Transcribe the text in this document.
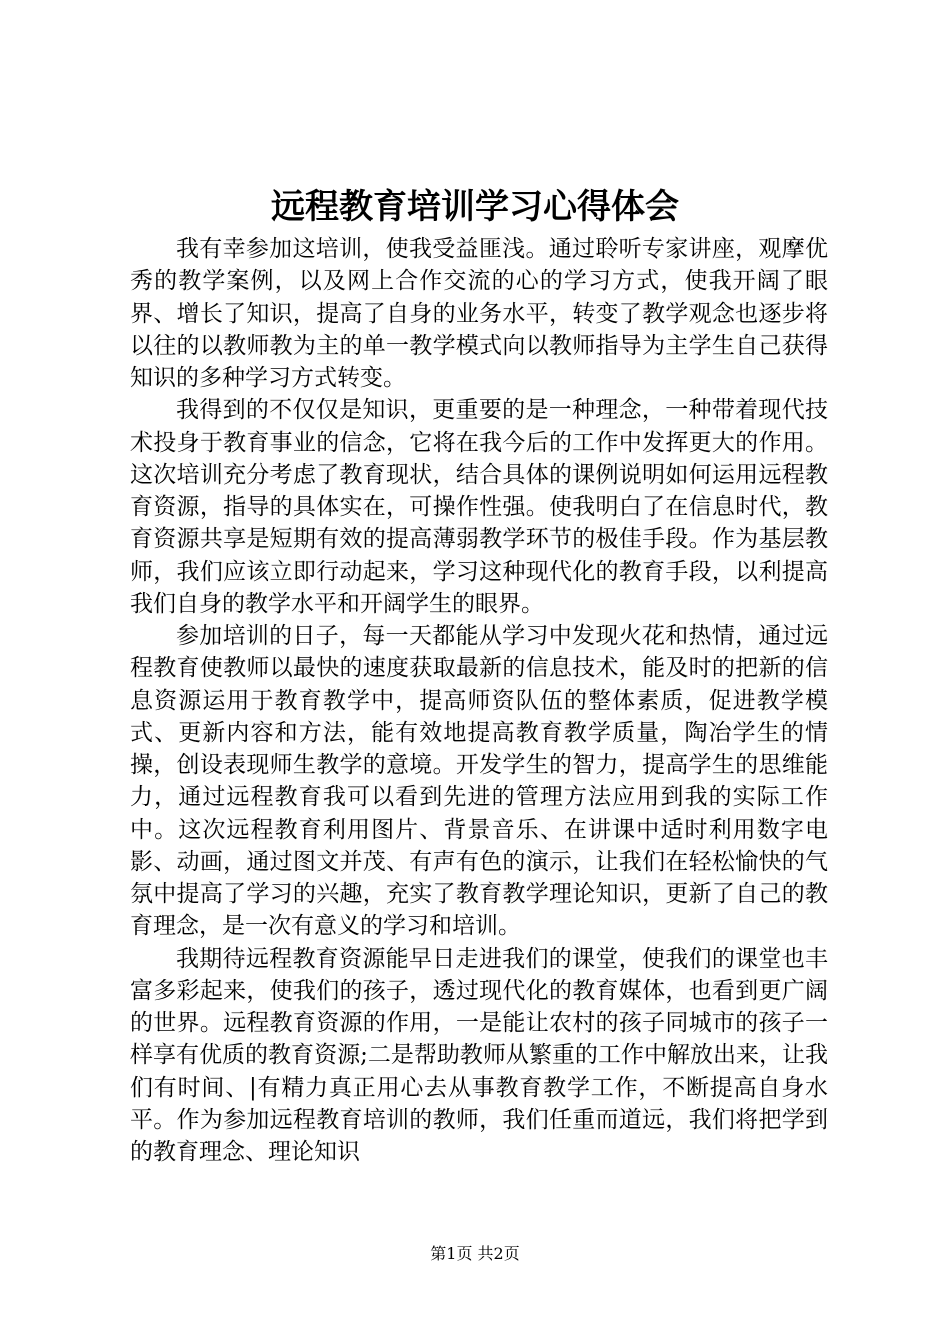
远程教育培训学习心得体会

我有幸参加这培训，使我受益匪浅。通过聆听专家讲座，观摩优秀的教学案例，以及网上合作交流的心的学习方式，使我开阔了眼界、增长了知识，提高了自身的业务水平，转变了教学观念也逐步将以往的以教师教为主的单一教学模式向以教师指导为主学生自己获得知识的多种学习方式转变。

我得到的不仅仅是知识，更重要的是一种理念，一种带着现代技术投身于教育事业的信念，它将在我今后的工作中发挥更大的作用。这次培训充分考虑了教育现状，结合具体的课例说明如何运用远程教育资源，指导的具体实在，可操作性强。使我明白了在信息时代，教育资源共享是短期有效的提高薄弱教学环节的极佳手段。作为基层教师，我们应该立即行动起来，学习这种现代化的教育手段，以利提高我们自身的教学水平和开阔学生的眼界。

参加培训的日子，每一天都能从学习中发现火花和热情，通过远程教育使教师以最快的速度获取最新的信息技术，能及时的把新的信息资源运用于教育教学中，提高师资队伍的整体素质，促进教学模式、更新内容和方法，能有效地提高教育教学质量，陶冶学生的情操，创设表现师生教学的意境。开发学生的智力，提高学生的思维能力，通过远程教育我可以看到先进的管理方法应用到我的实际工作中。这次远程教育利用图片、背景音乐、在讲课中适时利用数字电影、动画，通过图文并茂、有声有色的演示，让我们在轻松愉快的气氛中提高了学习的兴趣，充实了教育教学理论知识，更新了自己的教育理念，是一次有意义的学习和培训。

我期待远程教育资源能早日走进我们的课堂，使我们的课堂也丰富多彩起来，使我们的孩子，透过现代化的教育媒体，也看到更广阔的世界。远程教育资源的作用，一是能让农村的孩子同城市的孩子一样享有优质的教育资源;二是帮助教师从繁重的工作中解放出来，让我们有时间、|有精力真正用心去从事教育教学工作，不断提高自身水平。作为参加远程教育培训的教师，我们任重而道远，我们将把学到的教育理念、理论知识

第1页 共2页
